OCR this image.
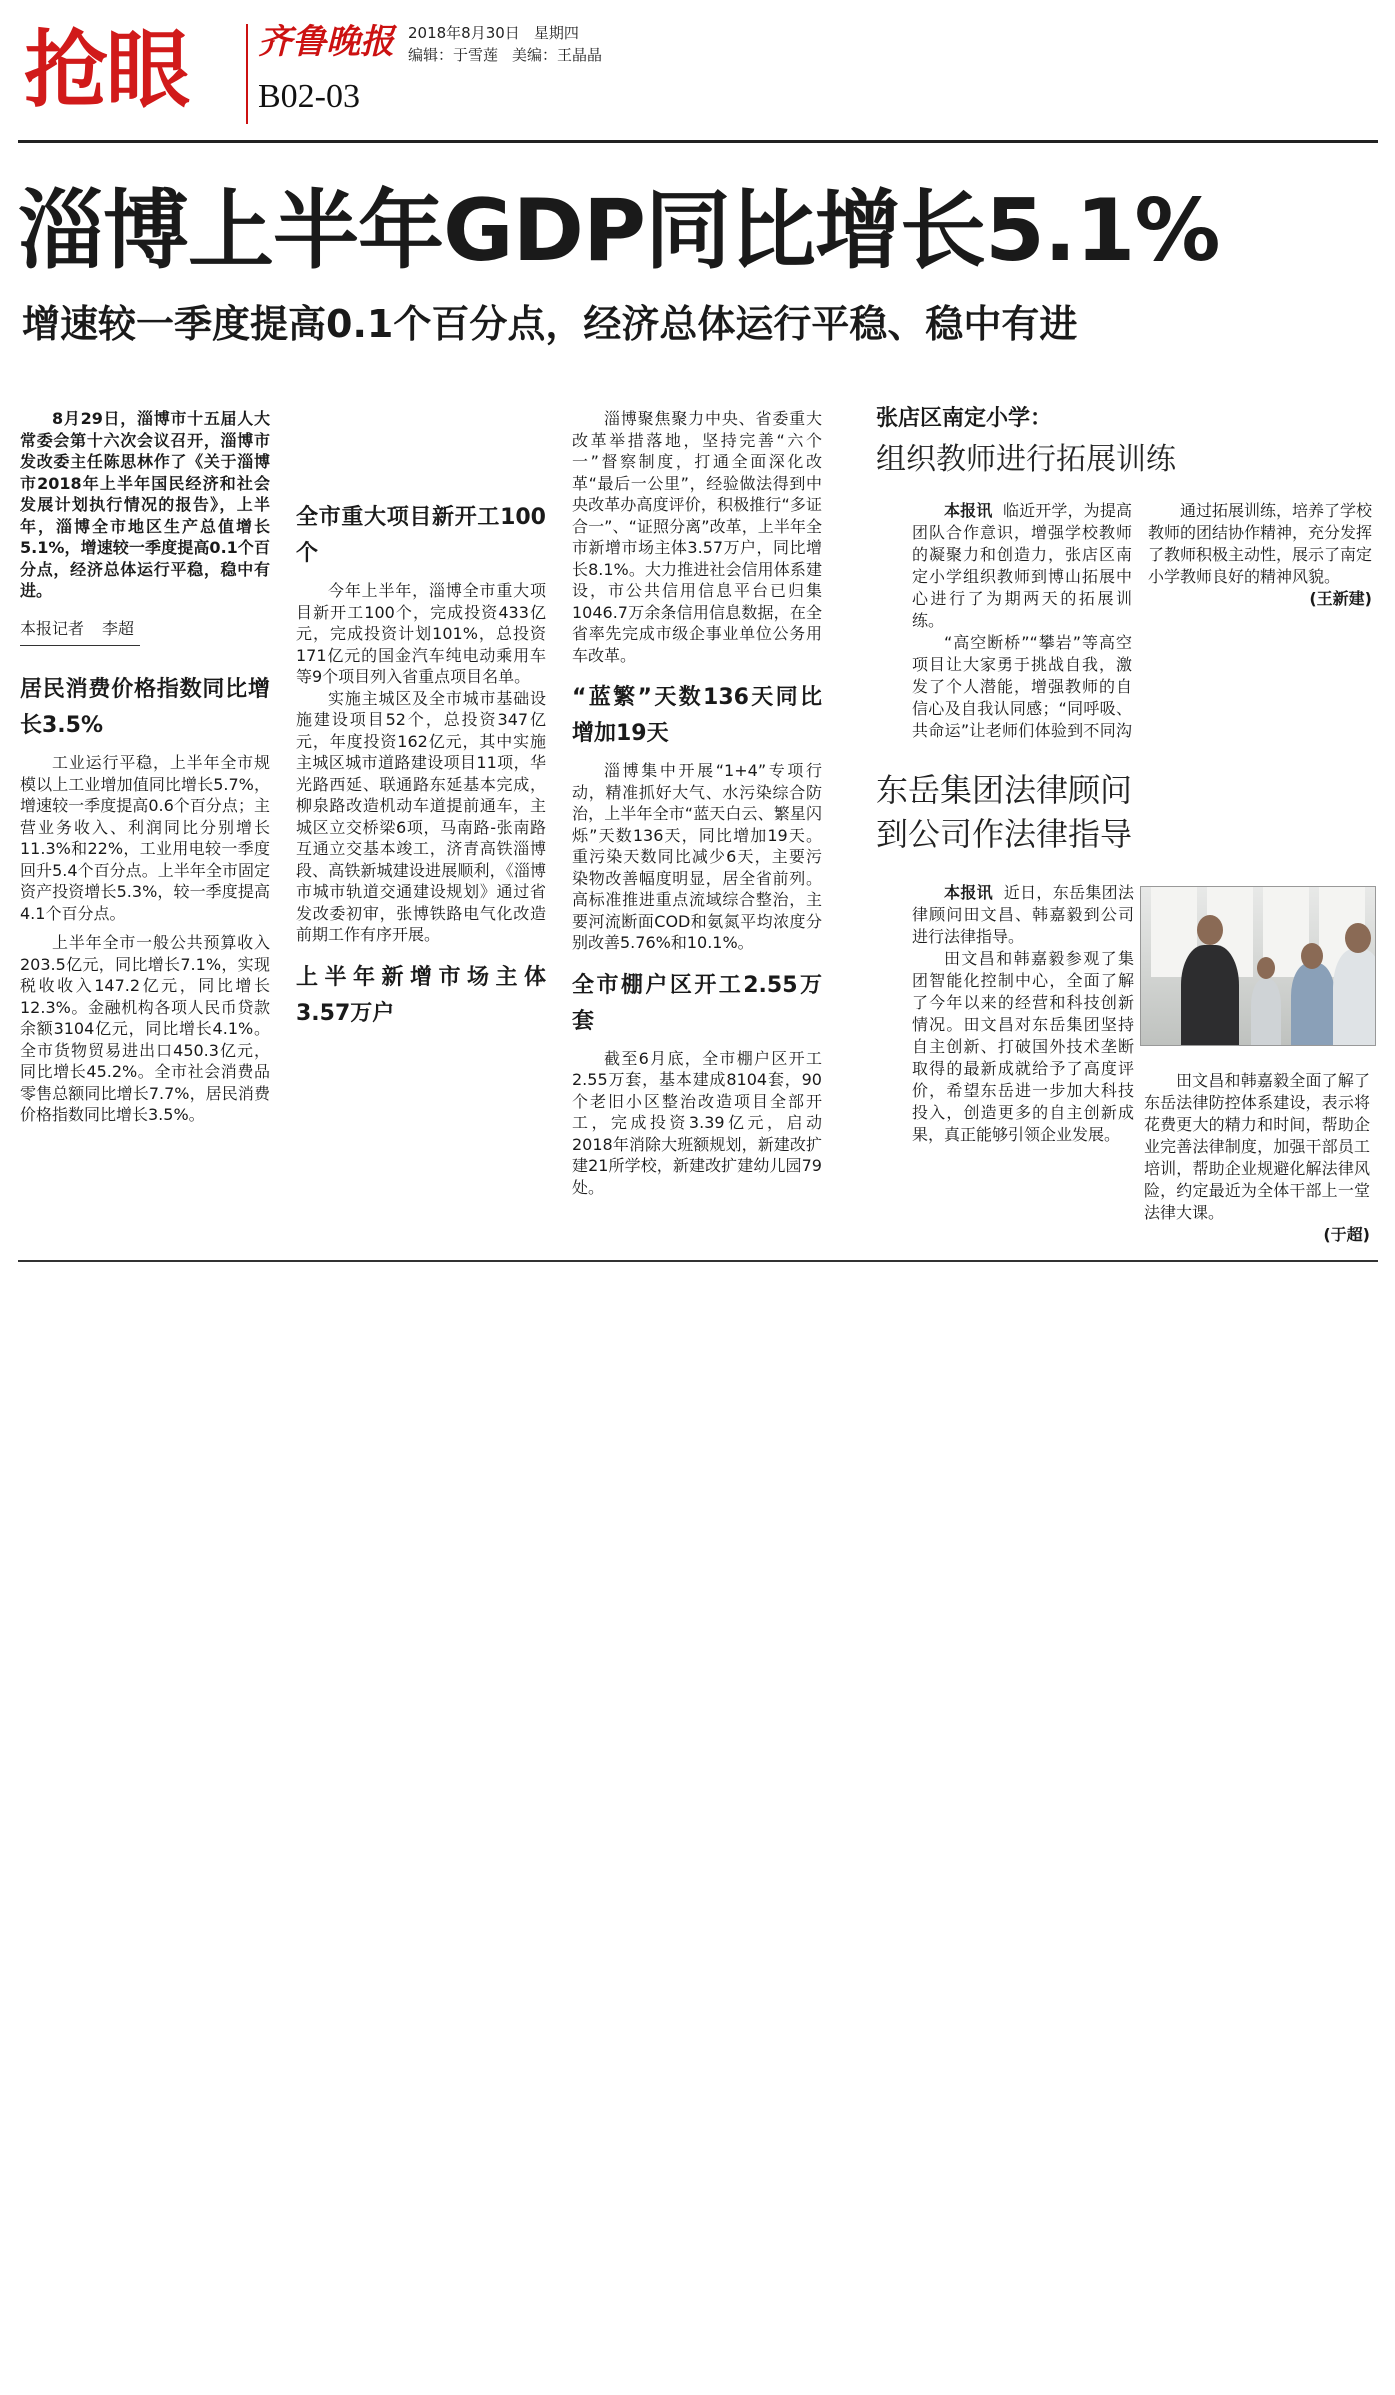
抢眼 齐鲁晚报 2018年8月30日 星期四
编辑：于雪莲 美编：王晶晶
B02-03
淄博上半年GDP同比增长5.1%
增速较一季度提高0.1个百分点，经济总体运行平稳、稳中有进

8月29日，淄博市十五届人大常委会第十六次会议召开，淄博市发改委主任陈思林作了《关于淄博市2018年上半年国民经济和社会发展计划执行情况的报告》，上半年，淄博全市地区生产总值增长5.1%，增速较一季度提高0.1个百分点，经济总体运行平稳，稳中有进。

本报记者 李超
居民消费价格指数同比增长3.5%

工业运行平稳，上半年全市规模以上工业增加值同比增长5.7%，增速较一季度提高0.6个百分点；主营业务收入、利润同比分别增长11.3%和22%，工业用电较一季度回升5.4个百分点。上半年全市固定资产投资增长5.3%，较一季度提高4.1个百分点。

上半年全市一般公共预算收入203.5亿元，同比增长7.1%，实现税收收入147.2亿元，同比增长12.3%。金融机构各项人民币贷款余额3104亿元，同比增长4.1%。全市货物贸易进出口450.3亿元，同比增长45.2%。全市社会消费品零售总额同比增长7.7%，居民消费价格指数同比增长3.5%。

全市重大项目新开工100个

今年上半年，淄博全市重大项目新开工100个，完成投资433亿元，完成投资计划101%，总投资171亿元的国金汽车纯电动乘用车等9个项目列入省重点项目名单。

实施主城区及全市城市基础设施建设项目52个，总投资347亿元，年度投资162亿元，其中实施主城区城市道路建设项目11项，华光路西延、联通路东延基本完成，柳泉路改造机动车道提前通车，主城区立交桥梁6项，马南路-张南路互通立交基本竣工，济青高铁淄博段、高铁新城建设进展顺利，《淄博市城市轨道交通建设规划》通过省发改委初审，张博铁路电气化改造前期工作有序开展。

上半年新增市场主体3.57万户

淄博聚焦聚力中央、省委重大改革举措落地，坚持完善“六个一”督察制度，打通全面深化改革“最后一公里”，经验做法得到中央改革办高度评价，积极推行“多证合一”、“证照分离”改革，上半年全市新增市场主体3.57万户，同比增长8.1%。大力推进社会信用体系建设，市公共信用信息平台已归集1046.7万余条信用信息数据，在全省率先完成市级企事业单位公务用车改革。

“蓝繁”天数136天同比增加19天

淄博集中开展“1+4”专项行动，精准抓好大气、水污染综合防治，上半年全市“蓝天白云、繁星闪烁”天数136天，同比增加19天。重污染天数同比减少6天，主要污染物改善幅度明显，居全省前列。高标准推进重点流域综合整治，主要河流断面COD和氨氮平均浓度分别改善5.76%和10.1%。

全市棚户区开工2.55万套

截至6月底，全市棚户区开工2.55万套，基本建成8104套，90个老旧小区整治改造项目全部开工，完成投资3.39亿元，启动2018年消除大班额规划，新建改扩建21所学校，新建改扩建幼儿园79处。

张店区南定小学：
组织教师进行拓展训练

本报讯 临近开学，为提高团队合作意识，增强学校教师的凝聚力和创造力，张店区南定小学组织教师到博山拓展中心进行了为期两天的拓展训练。

“高空断桥”“攀岩”等高空项目让大家勇于挑战自我，激发了个人潜能，增强教师的自信心及自我认同感；“同呼吸、共命运”让老师们体验到不同沟

通过拓展训练，培养了学校教师的团结协作精神，充分发挥了教师积极主动性，展示了南定小学教师良好的精神风貌。

(王新建)
东岳集团法律顾问
到公司作法律指导

本报讯 近日，东岳集团法律顾问田文昌、韩嘉毅到公司进行法律指导。

田文昌和韩嘉毅参观了集团智能化控制中心，全面了解了今年以来的经营和科技创新情况。田文昌对东岳集团坚持自主创新、打破国外技术垄断取得的最新成就给予了高度评价，希望东岳进一步加大科技投入，创造更多的自主创新成果，真正能够引领企业发展。

田文昌和韩嘉毅全面了解了东岳法律防控体系建设，表示将花费更大的精力和时间，帮助企业完善法律制度，加强干部员工培训，帮助企业规避化解法律风险，约定最近为全体干部上一堂法律大课。

(于超)
